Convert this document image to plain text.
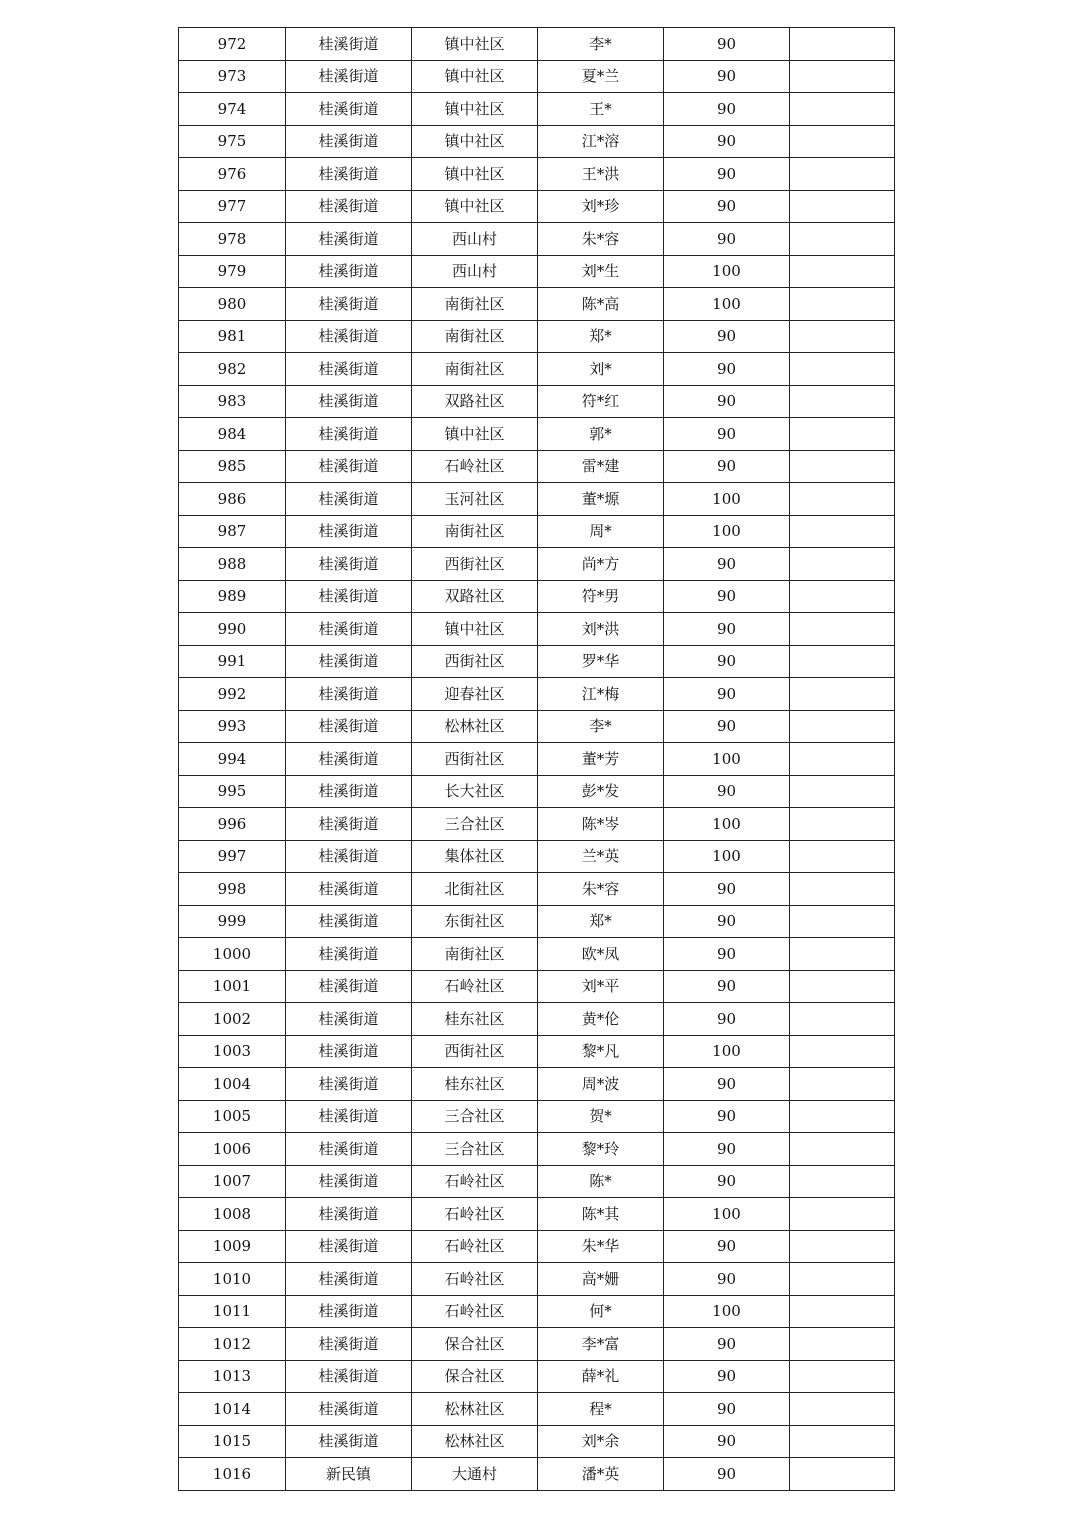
972	桂溪街道	镇中社区	李*	90	
973	桂溪街道	镇中社区	夏*兰	90	
974	桂溪街道	镇中社区	王*	90	
975	桂溪街道	镇中社区	江*溶	90	
976	桂溪街道	镇中社区	王*洪	90	
977	桂溪街道	镇中社区	刘*珍	90	
978	桂溪街道	西山村	朱*容	90	
979	桂溪街道	西山村	刘*生	100	
980	桂溪街道	南街社区	陈*高	100	
981	桂溪街道	南街社区	郑*	90	
982	桂溪街道	南街社区	刘*	90	
983	桂溪街道	双路社区	符*红	90	
984	桂溪街道	镇中社区	郭*	90	
985	桂溪街道	石岭社区	雷*建	90	
986	桂溪街道	玉河社区	董*塬	100	
987	桂溪街道	南街社区	周*	100	
988	桂溪街道	西街社区	尚*方	90	
989	桂溪街道	双路社区	符*男	90	
990	桂溪街道	镇中社区	刘*洪	90	
991	桂溪街道	西街社区	罗*华	90	
992	桂溪街道	迎春社区	江*梅	90	
993	桂溪街道	松林社区	李*	90	
994	桂溪街道	西街社区	董*芳	100	
995	桂溪街道	长大社区	彭*发	90	
996	桂溪街道	三合社区	陈*岑	100	
997	桂溪街道	集体社区	兰*英	100	
998	桂溪街道	北街社区	朱*容	90	
999	桂溪街道	东街社区	郑*	90	
1000	桂溪街道	南街社区	欧*凤	90	
1001	桂溪街道	石岭社区	刘*平	90	
1002	桂溪街道	桂东社区	黄*伦	90	
1003	桂溪街道	西街社区	黎*凡	100	
1004	桂溪街道	桂东社区	周*波	90	
1005	桂溪街道	三合社区	贺*	90	
1006	桂溪街道	三合社区	黎*玲	90	
1007	桂溪街道	石岭社区	陈*	90	
1008	桂溪街道	石岭社区	陈*其	100	
1009	桂溪街道	石岭社区	朱*华	90	
1010	桂溪街道	石岭社区	高*姗	90	
1011	桂溪街道	石岭社区	何*	100	
1012	桂溪街道	保合社区	李*富	90	
1013	桂溪街道	保合社区	薛*礼	90	
1014	桂溪街道	松林社区	程*	90	
1015	桂溪街道	松林社区	刘*余	90	
1016	新民镇	大通村	潘*英	90	
